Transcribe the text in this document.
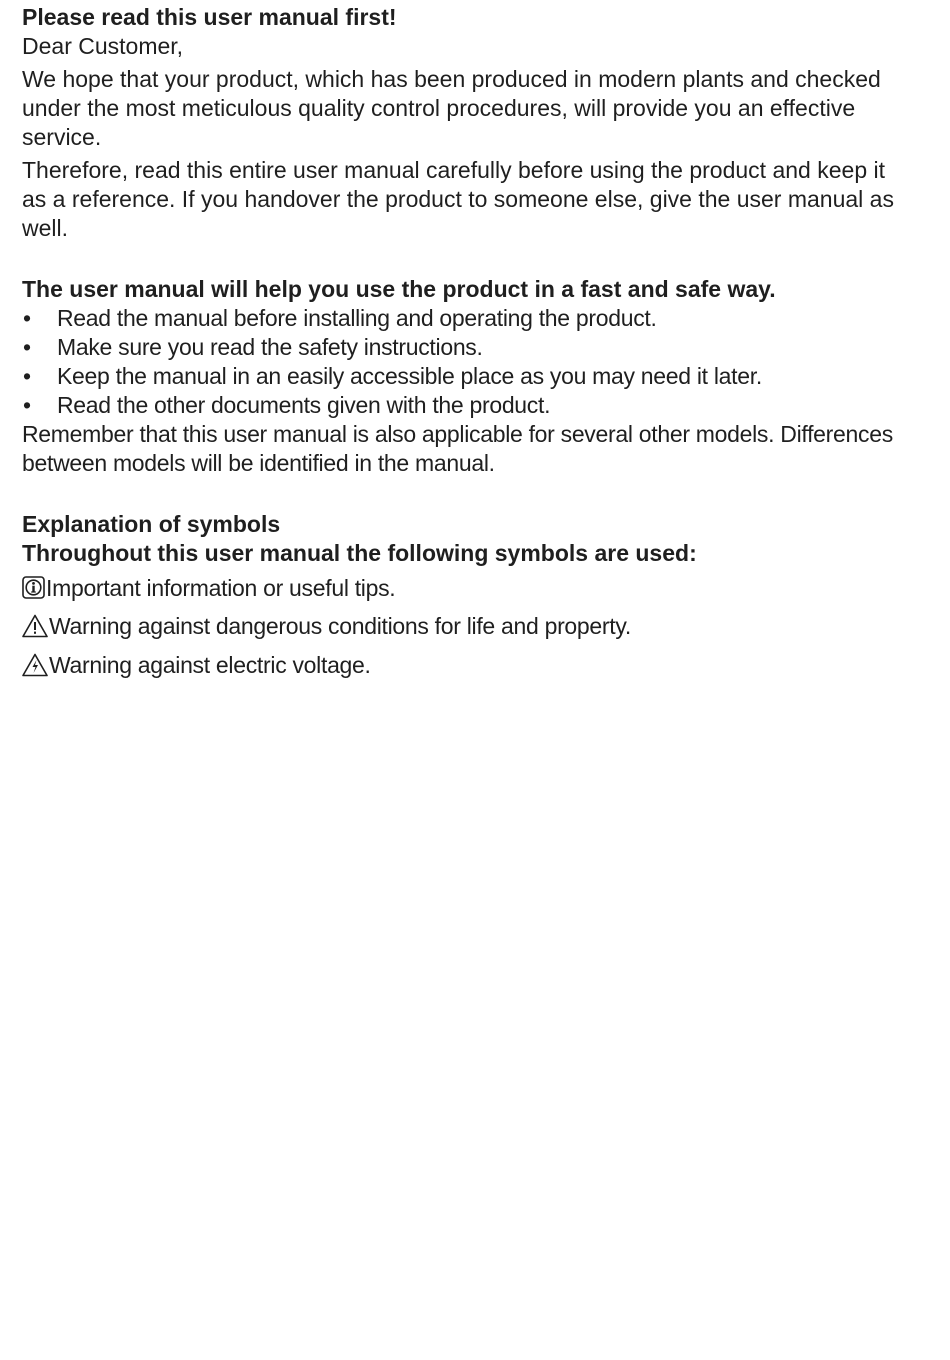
Please read this user manual first!

Dear Customer,

We hope that your product, which has been produced in modern plants and checked under the most meticulous quality control procedures, will provide you an effective service.

Therefore, read this entire user manual carefully before using the product and keep it as a reference. If you handover the product to someone else, give the user manual as well.

The user manual will help you use the product in a fast and safe way.

• Read the manual before installing and operating the product.
• Make sure you read the safety instructions.
• Keep the manual in an easily accessible place as you may need it later.
• Read the other documents given with the product.

Remember that this user manual is also applicable for several other models. Differences between models will be identified in the manual.

Explanation of symbols

Throughout this user manual the following symbols are used:

Important information or useful tips.
Warning against dangerous conditions for life and property.
Warning against electric voltage.
